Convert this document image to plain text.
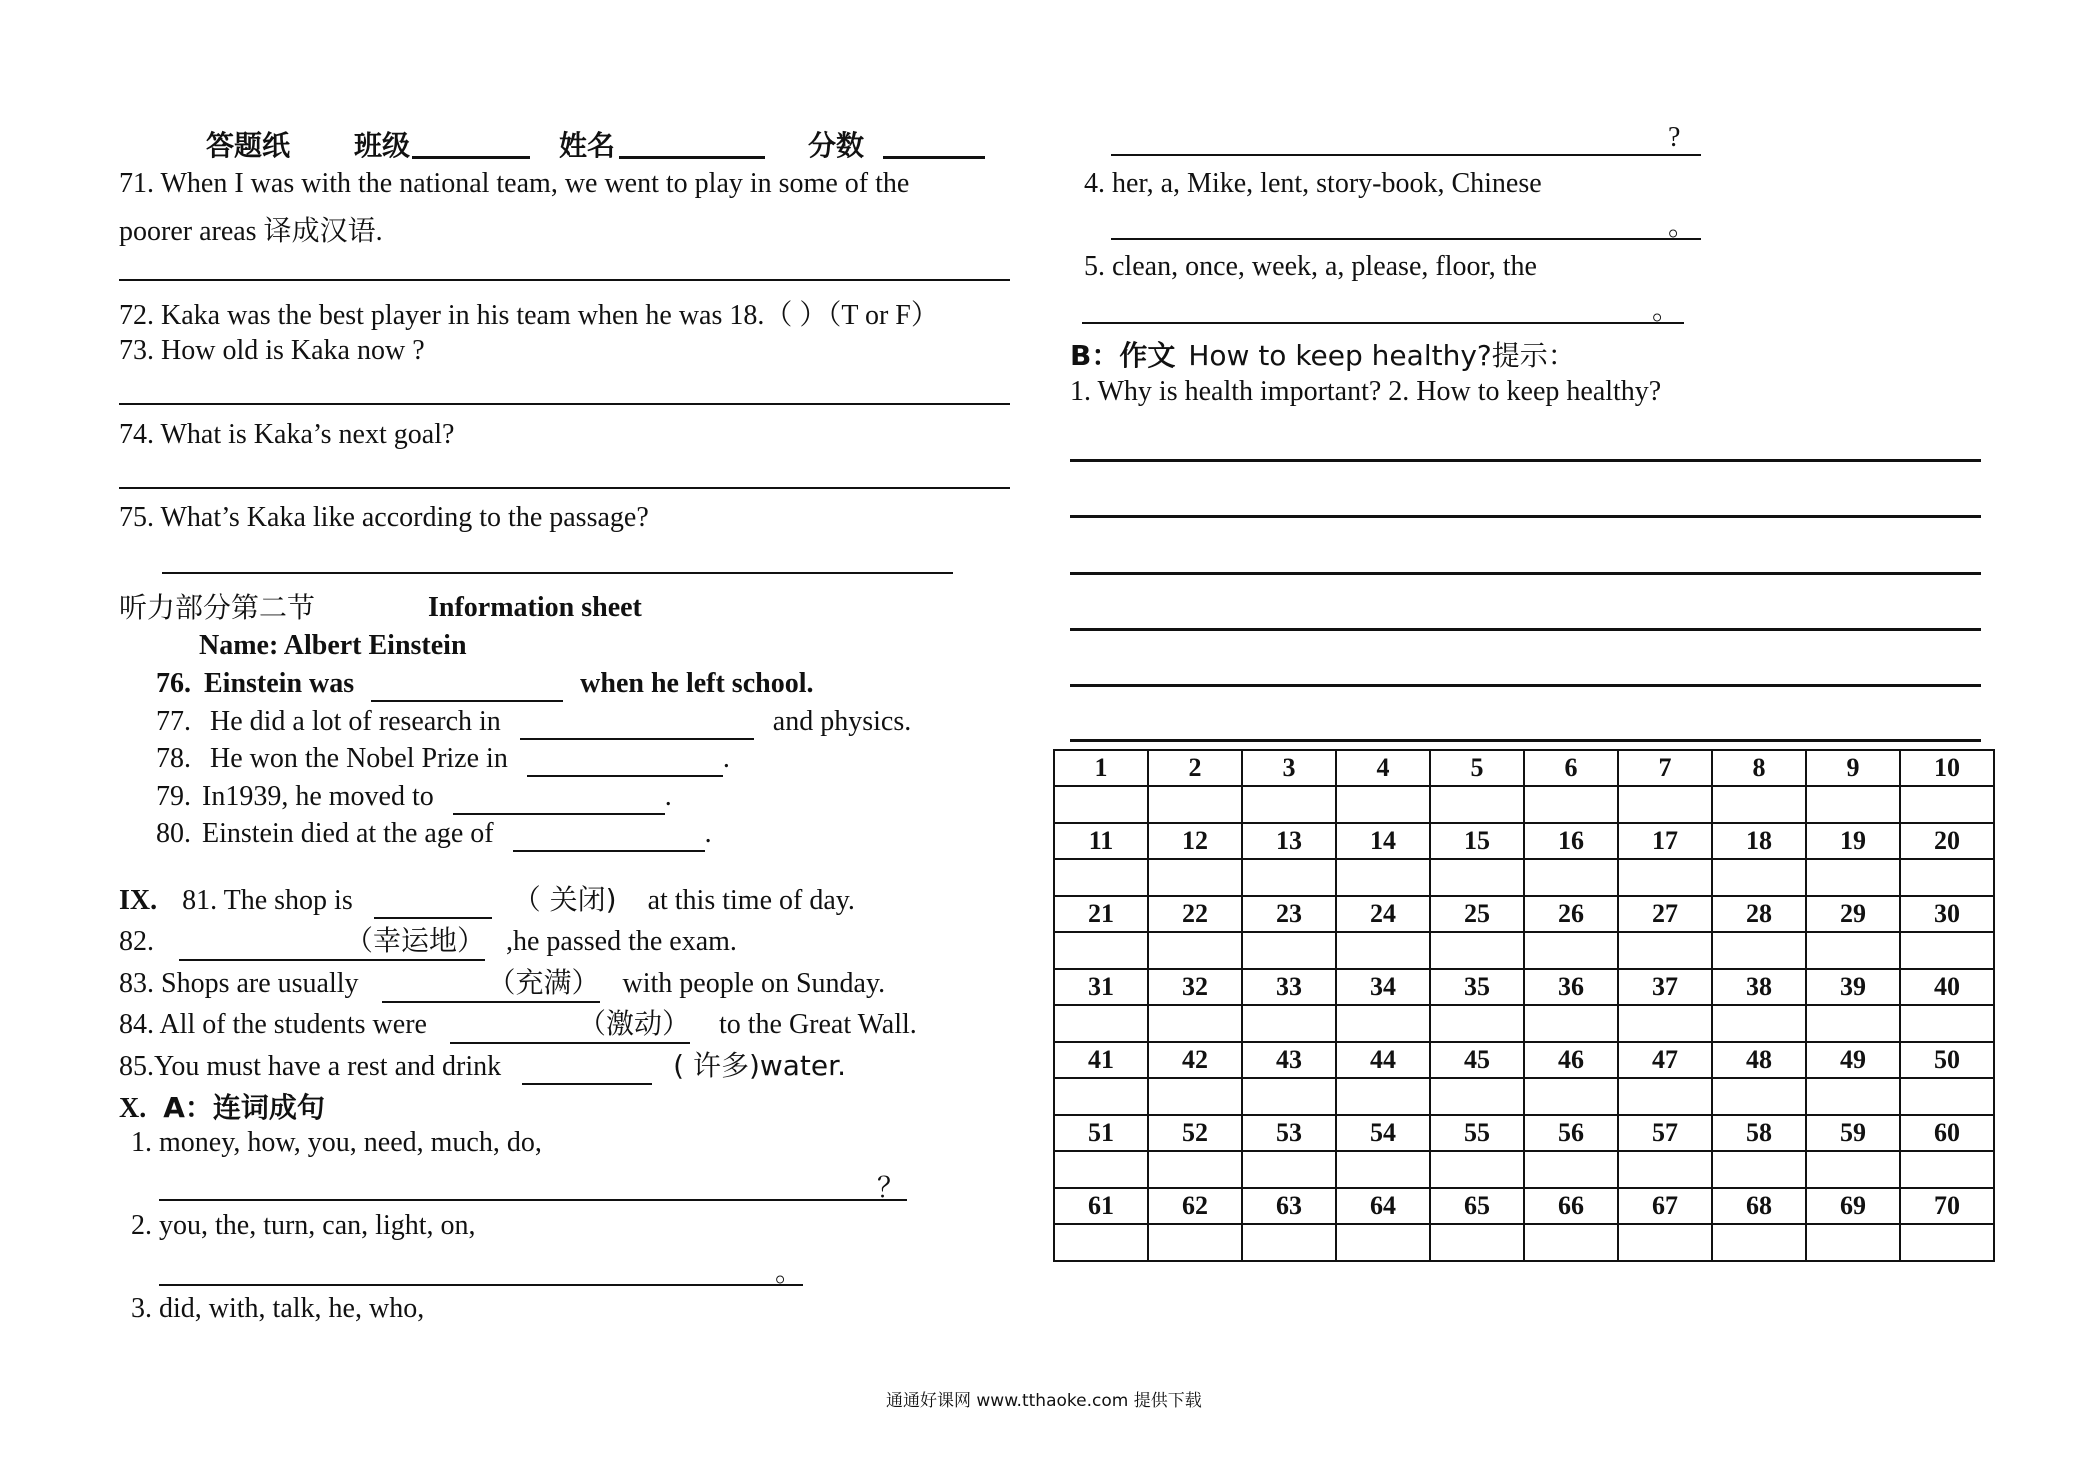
答题纸 班级	姓名	分数
71. When I was with the national team, we went to play in some of the
poorer areas 译成汉语.
72. Kaka was the best player in his team when he was 18.（ ）（T or F）
73. How old is Kaka now ?
74. What is Kaka’s next goal?
75. What’s Kaka like according to the passage?
听力部分第二节	Information sheet
Name: Albert Einstein
76. Einstein was	when he left school.
77. He did a lot of research in	and physics.
78. He won the Nobel Prize in	.
79. In1939, he moved to	.
80. Einstein died at the age of	.
IX. 81. The shop is	（ 关闭) at this time of day.
82.	（幸运地） ,he passed the exam.
83. Shops are usually	（充满） with people on Sunday.
84. All of the students were	（激动） to the Great Wall.
85.You must have a rest and drink	( 许多)water.
X. A：连词成句
1. money, how, you, need, much, do,
？
2. you, the, turn, can, light, on,
。
3. did, with, talk, he, who,
?
4. her, a, Mike, lent, story-book, Chinese
。
5. clean, once, week, a, please, floor, the
。
B：作文 How to keep healthy?提示：
1. Why is health important? 2. How to keep healthy?
1	2	3	4	5	6	7	8	9	10

11	12	13	14	15	16	17	18	19	20

21	22	23	24	25	26	27	28	29	30

31	32	33	34	35	36	37	38	39	40

41	42	43	44	45	46	47	48	49	50

51	52	53	54	55	56	57	58	59	60

61	62	63	64	65	66	67	68	69	70

通通好课网 www.tthaoke.com 提供下载
